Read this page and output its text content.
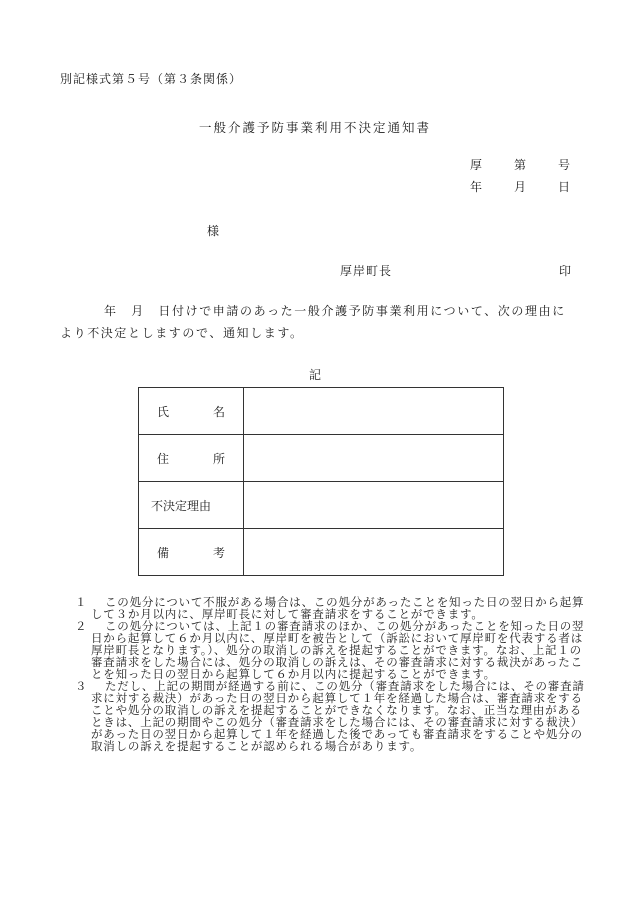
別記様式第５号（第３条関係）
一般介護予防事業利用不決定通知書
厚	第	号
年	月	日
様
厚岸町長	印
年　月　日付けで申請のあった一般介護予防事業利用について、次の理由により不決定としますので、通知します。
記
氏 名	

住 所	

不決定理由	

備 考	

１	この処分について不服がある場合は、この処分があったことを知った日の翌日から起算して３か月以内に、厚岸町長に対して審査請求をすることができます。
２	この処分については、上記１の審査請求のほか、この処分があったことを知った日の翌日から起算して６か月以内に、厚岸町を被告として（訴訟において厚岸町を代表する者は厚岸町長となります。）、処分の取消しの訴えを提起することができます。なお、上記１の審査請求をした場合には、処分の取消しの訴えは、その審査請求に対する裁決があったことを知った日の翌日から起算して６か月以内に提起することができます。
３	ただし、上記の期間が経過する前に、この処分（審査請求をした場合には、その審査請求に対する裁決）があった日の翌日から起算して１年を経過した場合は、審査請求をすることや処分の取消しの訴えを提起することができなくなります。なお、正当な理由があるときは、上記の期間やこの処分（審査請求をした場合には、その審査請求に対する裁決）があった日の翌日から起算して１年を経過した後であっても審査請求をすることや処分の取消しの訴えを提起することが認められる場合があります。
